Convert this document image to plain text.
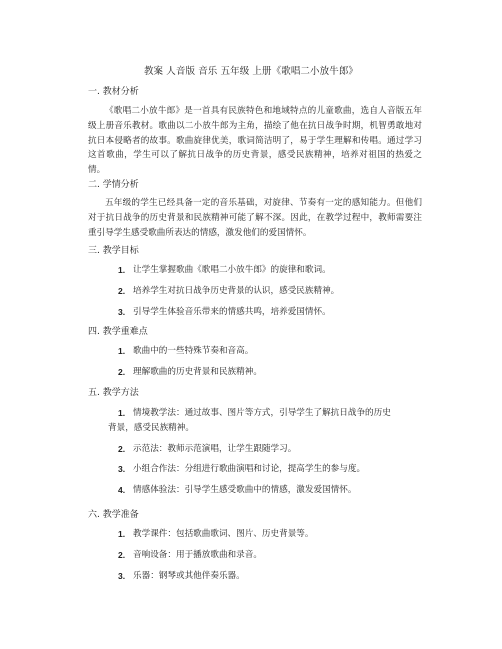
教案 人音版 音乐 五年级 上册《歌唱二小放牛郎》
一. 教材分析

《歌唱二小放牛郎》是一首具有民族特色和地域特点的儿童歌曲，选自人音版五年级上册音乐教材。歌曲以二小放牛郎为主角，描绘了他在抗日战争时期，机智勇敢地对抗日本侵略者的故事。歌曲旋律优美，歌词简洁明了，易于学生理解和传唱。通过学习这首歌曲，学生可以了解抗日战争的历史背景，感受民族精神，培养对祖国的热爱之情。

二. 学情分析

五年级的学生已经具备一定的音乐基础，对旋律、节奏有一定的感知能力。但他们对于抗日战争的历史背景和民族精神可能了解不深。因此，在教学过程中，教师需要注重引导学生感受歌曲所表达的情感，激发他们的爱国情怀。

三. 教学目标
1. 让学生掌握歌曲《歌唱二小放牛郎》的旋律和歌词。
2. 培养学生对抗日战争历史背景的认识，感受民族精神。
3. 引导学生体验音乐带来的情感共鸣，培养爱国情怀。
四. 教学重难点
1. 歌曲中的一些特殊节奏和音高。
2. 理解歌曲的历史背景和民族精神。
五. 教学方法
1. 情境教学法：通过故事、图片等方式，引导学生了解抗日战争的历史
背景，感受民族精神。
2. 示范法：教师示范演唱，让学生跟随学习。
3. 小组合作法：分组进行歌曲演唱和讨论，提高学生的参与度。
4. 情感体验法：引导学生感受歌曲中的情感，激发爱国情怀。
六. 教学准备
1. 教学课件：包括歌曲歌词、图片、历史背景等。
2. 音响设备：用于播放歌曲和录音。
3. 乐器：钢琴或其他伴奏乐器。
